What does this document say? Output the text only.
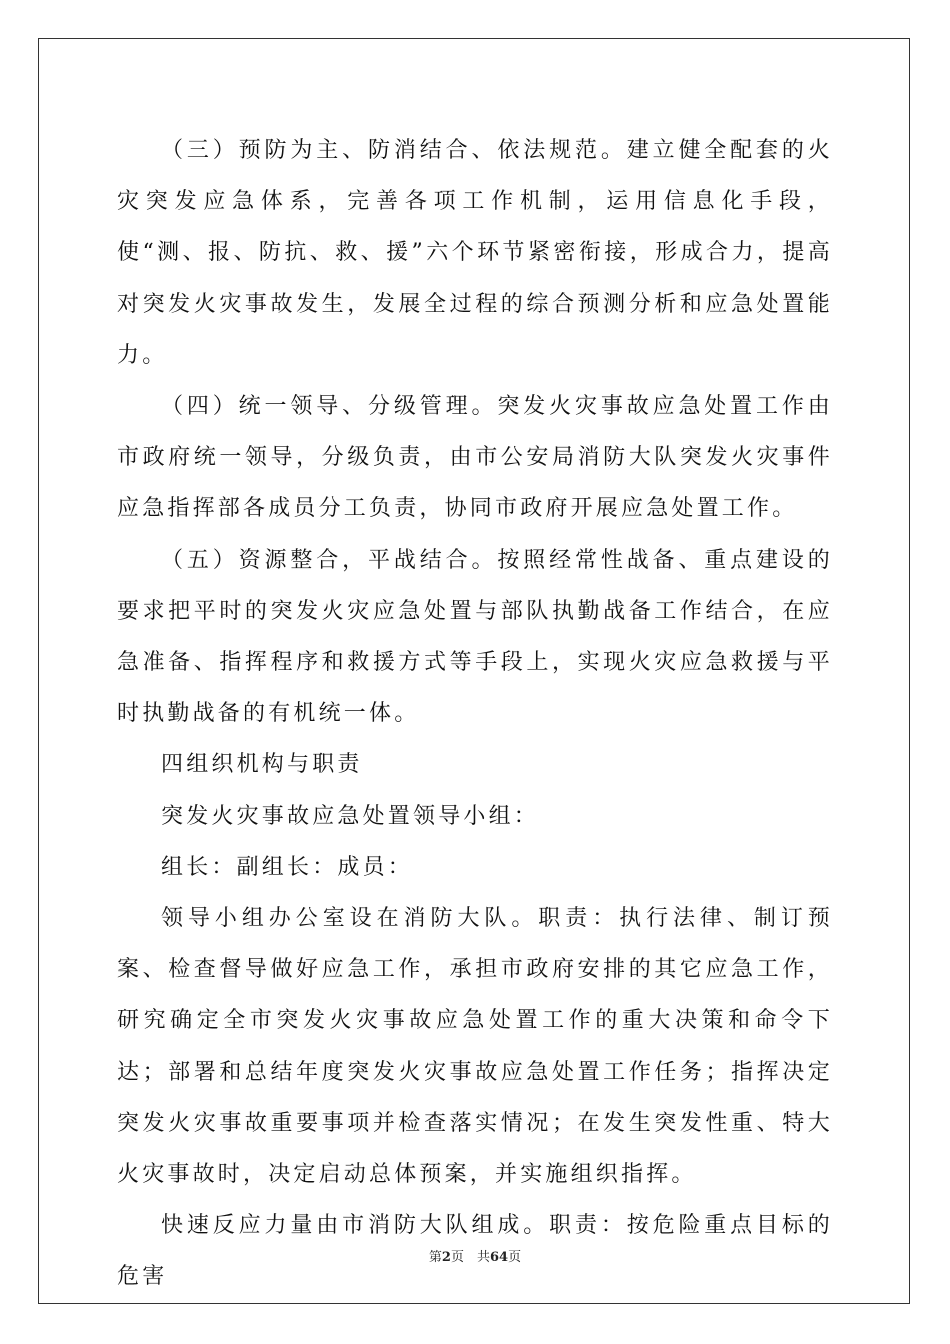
（三）预防为主、防消结合、依法规范。建立健全配套的火灾突发应急体系，完善各项工作机制，运用信息化手段，使“测、报、防抗、救、援”六个环节紧密衔接，形成合力，提高对突发火灾事故发生，发展全过程的综合预测分析和应急处置能力。

（四）统一领导、分级管理。突发火灾事故应急处置工作由市政府统一领导，分级负责，由市公安局消防大队突发火灾事件应急指挥部各成员分工负责，协同市政府开展应急处置工作。

（五）资源整合，平战结合。按照经常性战备、重点建设的要求把平时的突发火灾应急处置与部队执勤战备工作结合，在应急准备、指挥程序和救援方式等手段上，实现火灾应急救援与平时执勤战备的有机统一体。

四组织机构与职责

突发火灾事故应急处置领导小组：

组长：副组长：成员：

领导小组办公室设在消防大队。职责：执行法律、制订预案、检查督导做好应急工作，承担市政府安排的其它应急工作，研究确定全市突发火灾事故应急处置工作的重大决策和命令下达；部署和总结年度突发火灾事故应急处置工作任务；指挥决定突发火灾事故重要事项并检查落实情况；在发生突发性重、特大火灾事故时，决定启动总体预案，并实施组织指挥。

快速反应力量由市消防大队组成。职责：按危险重点目标的危害

第2页　共64页
